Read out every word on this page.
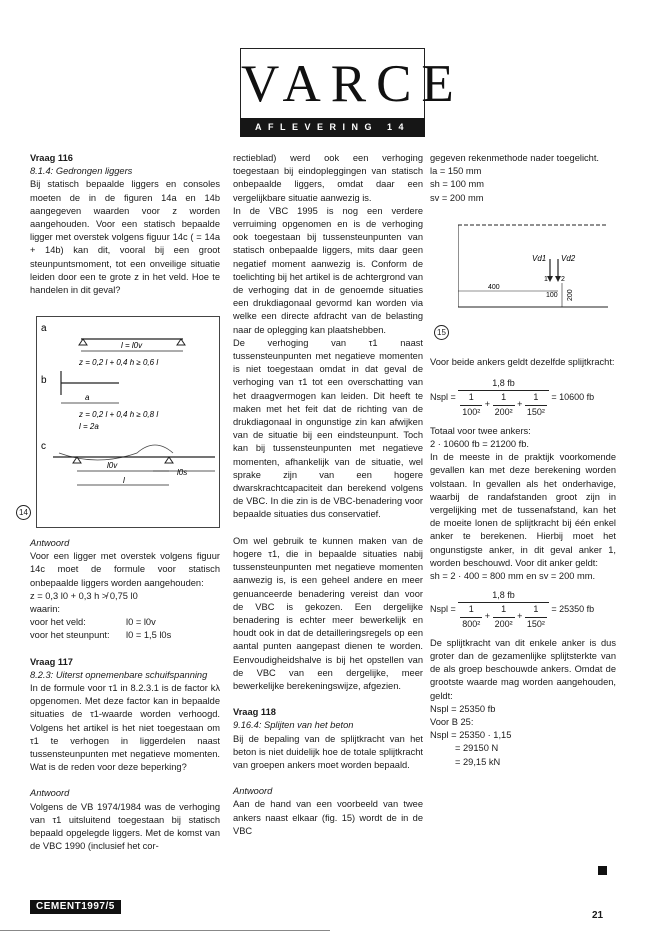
VARCE
AFLEVERING 14
Vraag 116

8.1.4: Gedrongen liggers

Bij statisch bepaalde liggers en consoles moeten de in de figuren 14a en 14b aangegeven waarden voor z worden aangehouden. Voor een statisch bepaalde ligger met overstek volgens figuur 14c ( = 14a + 14b) kan dit, vooral bij een groot steunpuntsmoment, tot een onveilige situatie leiden door een te grote z in het veld. Hoe te handelen in dit geval?

a
l = l0v
z = 0,2 l + 0,4 h ≥ 0,6 l
b
a
z = 0,2 l + 0,4 h ≥ 0,8 l
l = 2a
c
l0v
l0s
l
14

Antwoord

Voor een ligger met overstek volgens figuur 14c moet de formule voor statisch onbepaalde liggers worden aangehouden:

z = 0,3 l0 + 0,3 h ≯ 0,75 l0

waarin:

voor het veld:	l0 = l0v

voor het steunpunt: l0 = 1,5 l0s

Vraag 117

8.2.3: Uiterst opnemenbare schuifspanning

In de formule voor τ1 in 8.2.3.1 is de factor kλ opgenomen. Met deze factor kan in bepaalde situaties de τ1-waarde worden verhoogd. Volgens het artikel is het niet toegestaan om τ1 te verhogen in liggerdelen naast tussensteunpunten met negatieve momenten. Wat is de reden voor deze beperking?

Antwoord

Volgens de VB 1974/1984 was de verhoging van τ1 uitsluitend toegestaan bij statisch bepaald opgelegde liggers. Met de komst van de VBC 1990 (inclusief het cor-

rectieblad) werd ook een verhoging toegestaan bij eindopleggingen van statisch onbepaalde liggers, omdat daar een vergelijkbare situatie aanwezig is.

In de VBC 1995 is nog een verdere verruiming opgenomen en is de verhoging ook toegestaan bij tussensteunpunten van statisch onbepaalde liggers, mits daar geen negatief moment aanwezig is. Conform de toelichting bij het artikel is de achtergrond van de verhoging dat in de genoemde situaties een drukdiagonaal gevormd kan worden via welke een directe afdracht van de belasting naar de oplegging kan plaatshebben.

De verhoging van τ1 naast tussensteunpunten met negatieve momenten is niet toegestaan omdat in dat geval de verhoging van τ1 tot een overschatting van het draagvermogen kan leiden. Dit heeft te maken met het feit dat de richting van de drukdiagonaal in ongunstige zin kan afwijken van de situatie bij een eindsteunpunt. Toch kan bij tussensteunpunten met negatieve momenten, afhankelijk van de situatie, wel sprake zijn van een hogere dwarskrachtcapaciteit dan berekend volgens de VBC. In die zin is de VBC-benadering voor bepaalde situaties dus conservatief.

Om wel gebruik te kunnen maken van de hogere τ1, die in bepaalde situaties nabij tussensteunpunten met negatieve momenten aanwezig is, is een geheel andere en meer genuanceerde benadering vereist dan voor de VBC is gekozen. Een dergelijke benadering is echter meer bewerkelijk en houdt ook in dat de detailleringsregels op een aantal punten aangepast dienen te worden. Eenvoudigheidshalve is bij het opstellen van de VBC van een dergelijke, meer bewerkelijke berekeningswijze, afgezien.

Vraag 118

9.16.4: Splijten van het beton

Bij de bepaling van de splijtkracht van het beton is niet duidelijk hoe de totale splijtkracht van groepen ankers moet worden bepaald.

Antwoord

Aan de hand van een voorbeeld van twee ankers naast elkaar (fig. 15) wordt de in de VBC

gegeven rekenmethode nader toegelicht.

la = 150 mm

sh = 100 mm

sv = 200 mm

Vd1 Vd2
1 2
400
100 200
15

Voor beide ankers geldt dezelfde splijtkracht:

Nspl = $\frac{1,8 fb}{\frac{1}{\text{100²}} + \frac{1}{\text{200²}} + \frac{1}{\text{150²}}} = 10600$ fb

Totaal voor twee ankers:

2 · 10600 fb = 21200 fb.

In de meeste in de praktijk voorkomende gevallen kan met deze berekening worden volstaan. In gevallen als het onderhavige, waarbij de randafstanden groot zijn in vergelijking met de tussenafstand, kan het de moeite lonen de splijtkracht bij één enkel anker te berekenen. Hierbij moet het ongunstigste anker, in dit geval anker 1, worden beschouwd. Voor dit anker geldt:

sh = 2 · 400 = 800 mm en sv = 200 mm.

Nspl = $\frac{1,8 fb}{\frac{1}{\text{800²}} + \frac{1}{\text{200²}} + \frac{1}{\text{150²}}} = 25350$ fb

De splijtkracht van dit enkele anker is dus groter dan de gezamenlijke splijtsterkte van de als groep beschouwde ankers. Omdat de grootste waarde mag worden aangehouden, geldt:

Nspl = 25350 fb

Voor B 25:

Nspl = 25350 · 1,15

= 29150 N

= 29,15 kN

CEMENT1997/5
21
